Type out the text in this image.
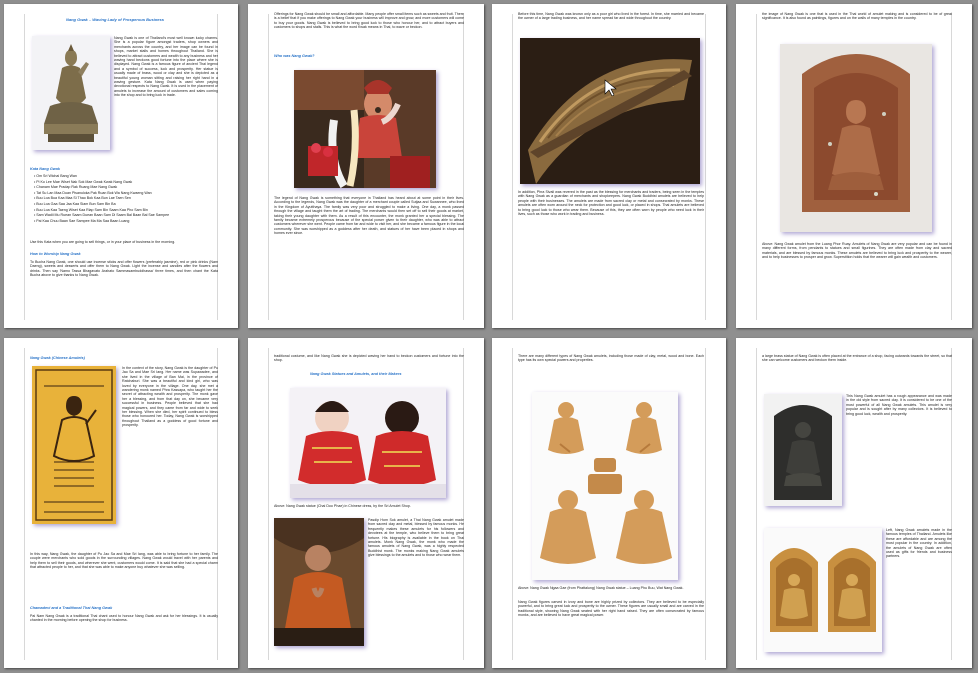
Nang Gwak – Waving Lady of Prosperous Business
Nang Gwak is one of Thailand's most well known lucky charms. She is a popular figure amongst traders, shop owners and merchants across the country, and her image can be found in shops, market stalls and homes throughout Thailand. She is believed to attract customers and wealth to any business and her waving hand beckons good fortune into the place where she is displayed. Nang Gwak is a famous figure of ancient Thai legend and a symbol of success, luck and prosperity. Her statue is usually made of brass, wood or clay and she is depicted as a beautiful young woman sitting and raising her right hand in a waving gesture. Kata Nang Gwak is used when paying devotional respects to Nang Gwak. It is used in the placement of amulets to increase the amount of customers and sales coming into the shop and to bring luck in trade.
Kata Nang Gwak
• Om Sri Wichai Bang Wan
• Pi Ko Lee Mae Wiset Nak Sok Mae Gwak Kwak Nang Gwak
• Chanam Mae Pradap Rak Ruang Mae Nang Gwak
• Tat Su Lan Maa Duan Pisanuloka Pak Ruan Bok Wa Nang Kwaeng Wan
• Buu Loa Bua Kaa Maa Si Thao Bok Kaa Bun Lae Taen Sen
• Buu Loa Gaa Saa Jaa Kaa Siam Bun Sam Bin Ba
• Buu Loa Kaa Taeng Wiset Kaa Riap Sam Bin Saam Kaa Pho Sam Bin
• Sam Wadii Mu Ruean Saam Duean Baan Sam Di Saam Bal Baan Bal Sae Sampee
• Pai Kaa Chuu Baan Sae Sampee Ma Ma Saa Baan Luang
Use this Kata when you are going to sell things, or in your place of business in the morning.
How to Worship Nang Gwak
To Bucha Nang Gwak, one should use incense sticks and offer flowers (preferably jasmine), red or pink drinks (Nam Daeng), sweets and desserts and offer them to Nang Gwak. Light the incense and candles after the flowers and drinks. Then say 'Namo Tassa Bhagavato Arahato Sammasambuddhassa' three times, and then chant the Kata Bucha above to give thanks to Nang Gwak.
Offerings for Nang Gwak should be small and affordable. Many people offer small items such as sweets and fruit. There is a belief that if you make offerings to Nang Gwak your business will improve and grow, and more customers will come to buy your goods. Nang Gwak is believed to bring good luck to those who honour her, and to attract buyers and customers to shops and stalls. This is what the word Kwak means in Thai, to wave or beckon.
Who was Nang Gwak?
The legend of Nang Gwak is something that everyone in Thailand has heard about at some point in their lives. According to the legends, Nang Gwak was the daughter of a merchant couple called Sutjaa and Suwannee, who lived in the Kingdom of Ayutthaya. The family was very poor and struggled to make a living. One day, a monk passed through the village and taught them the art of trading. The merchants would then set off to sell their goods at market, taking their young daughter with them. As a result of this encounter, the monk granted her a special blessing. The family became extremely prosperous because of the special power given to their daughter, who was able to attract customers wherever she went. People came from far and wide to visit her, and she became a famous figure in the local community. She was worshipped as a goddess after her death, and statues of her have been placed in shops and homes ever since.
Before this time, Nang Gwak was known only as a poor girl who lived in the forest. In time, she married and became the owner of a large trading business, and her name spread far and wide throughout the country.
In addition, Phra Sivali was revered in the past as the blessing for merchants and traders, being seen in the temples with Nang Gwak as a guardian of merchants and shopkeepers. Nang Gwak Buddhist amulets are believed to help people with their businesses. The amulets are made from sacred clay or metal and consecrated by monks. These amulets are often worn around the neck for protection and good luck, or placed in shops. Thai amulets are believed to bring good luck to those who wear them. Because of this, they are often worn by people who need luck in their lives, such as those who work in trading and business.
the image of Nang Gwak is one that is used in the Thai world of amulet making and is considered to be of great significance. It is also found as paintings, figures and on the walls of many temples in the country.
Above: Nang Gwak amulet from the Luang Phor Ruay. Amulets of Nang Gwak are very popular and can be found in many different forms, from pendants to statues and small figurines. They are often made from clay and sacred materials, and are blessed by famous monks. These amulets are believed to bring luck and prosperity to the wearer, and to help businesses to prosper and grow. Superstition holds that the wearer will gain wealth and customers.
Nang Gwak (Chinese Amulets)
In the context of the story, Nang Gwak is the daughter of Pu Jao Sa and Mae Sri Iang. Her name was Supawadee, and she lived in the village of Ban Mai, in the province of Ratchaburi. She was a beautiful and kind girl, who was loved by everyone in the village. One day, she met a wandering monk named Phra Kassapa, who taught her the secret of attracting wealth and prosperity. The monk gave her a blessing, and from that day on, she became very successful in business. People believed that she had magical powers, and they came from far and wide to seek her blessing. When she died, her spirit continued to bless those who honoured her. Today, Nang Gwak is worshipped throughout Thailand as a goddess of good fortune and prosperity.
In this way, Nang Gwak, the daughter of Pu Jao Sa and Mae Sri Iang, was able to bring fortune to her family. The couple were merchants who sold goods in the surrounding villages. Nang Gwak would travel with her parents and help them to sell their goods, and wherever she went, customers would come. It is said that she had a special charm that attracted people to her, and that she was able to make anyone buy whatever she was selling.
Chamadevi and a Traditional Thai Nang Gwak
Pai Nam Nang Gwak is a traditional Thai chant used to honour Nang Gwak and ask for her blessings. It is usually chanted in the morning before opening the shop for business.
traditional costume, and like Nang Gwak she is depicted waving her hand to beckon customers and fortune into the shop.
Nang Gwak Statues and Amulets, and their Makers
Above: Nang Gwak statue (Chai Doo Phae) in Chinese dress, by the Sri Amulet Shop.
Pasdip Hom Sok amulet, a Thai Nang Gwak amulet made from sacred clay and metal, blessed by famous monks. He frequently makes these amulets for his followers and devotees at the temple, who believe them to bring great fortune. His biography is available in the book on Thai amulets. Monk Nang Gwak, the monk who made the famous amulets of Nang Gwak, was a highly respected Buddhist monk. The monks making Nang Gwak amulets give blessings to the amulets and to those who wear them.
There are many different types of Nang Gwak amulets, including those made of clay, metal, wood and bone. Each type has its own special powers and properties.
Above: Nang Gwak Ngaa Gae (from Phattalung) Nang Gwak statue – Luang Phu Buu, Wat Nang Gwak.
Nang Gwak figures carved in ivory and bone are highly prized by collectors. They are believed to be especially powerful, and to bring great luck and prosperity to the owner. These figures are usually small and are carved in the traditional style, showing Nang Gwak seated with her right hand raised. They are often consecrated by famous monks, and are believed to have great magical power.
a large brass statue of Nang Gwak is often placed at the entrance of a shop, facing outwards towards the street, so that she can welcome customers and beckon them inside.
This Nang Gwak amulet has a rough appearance and was made in the old style from sacred clay. It is considered to be one of the most powerful of all Nang Gwak amulets. This amulet is very popular and is sought after by many collectors. It is believed to bring good luck, wealth and prosperity.
Left, Nang Gwak amulets made in the famous temples of Thailand. Amulets like these are affordable and are among the most popular in the country. In addition, the amulets of Nang Gwak are often used as gifts for friends and business partners.
